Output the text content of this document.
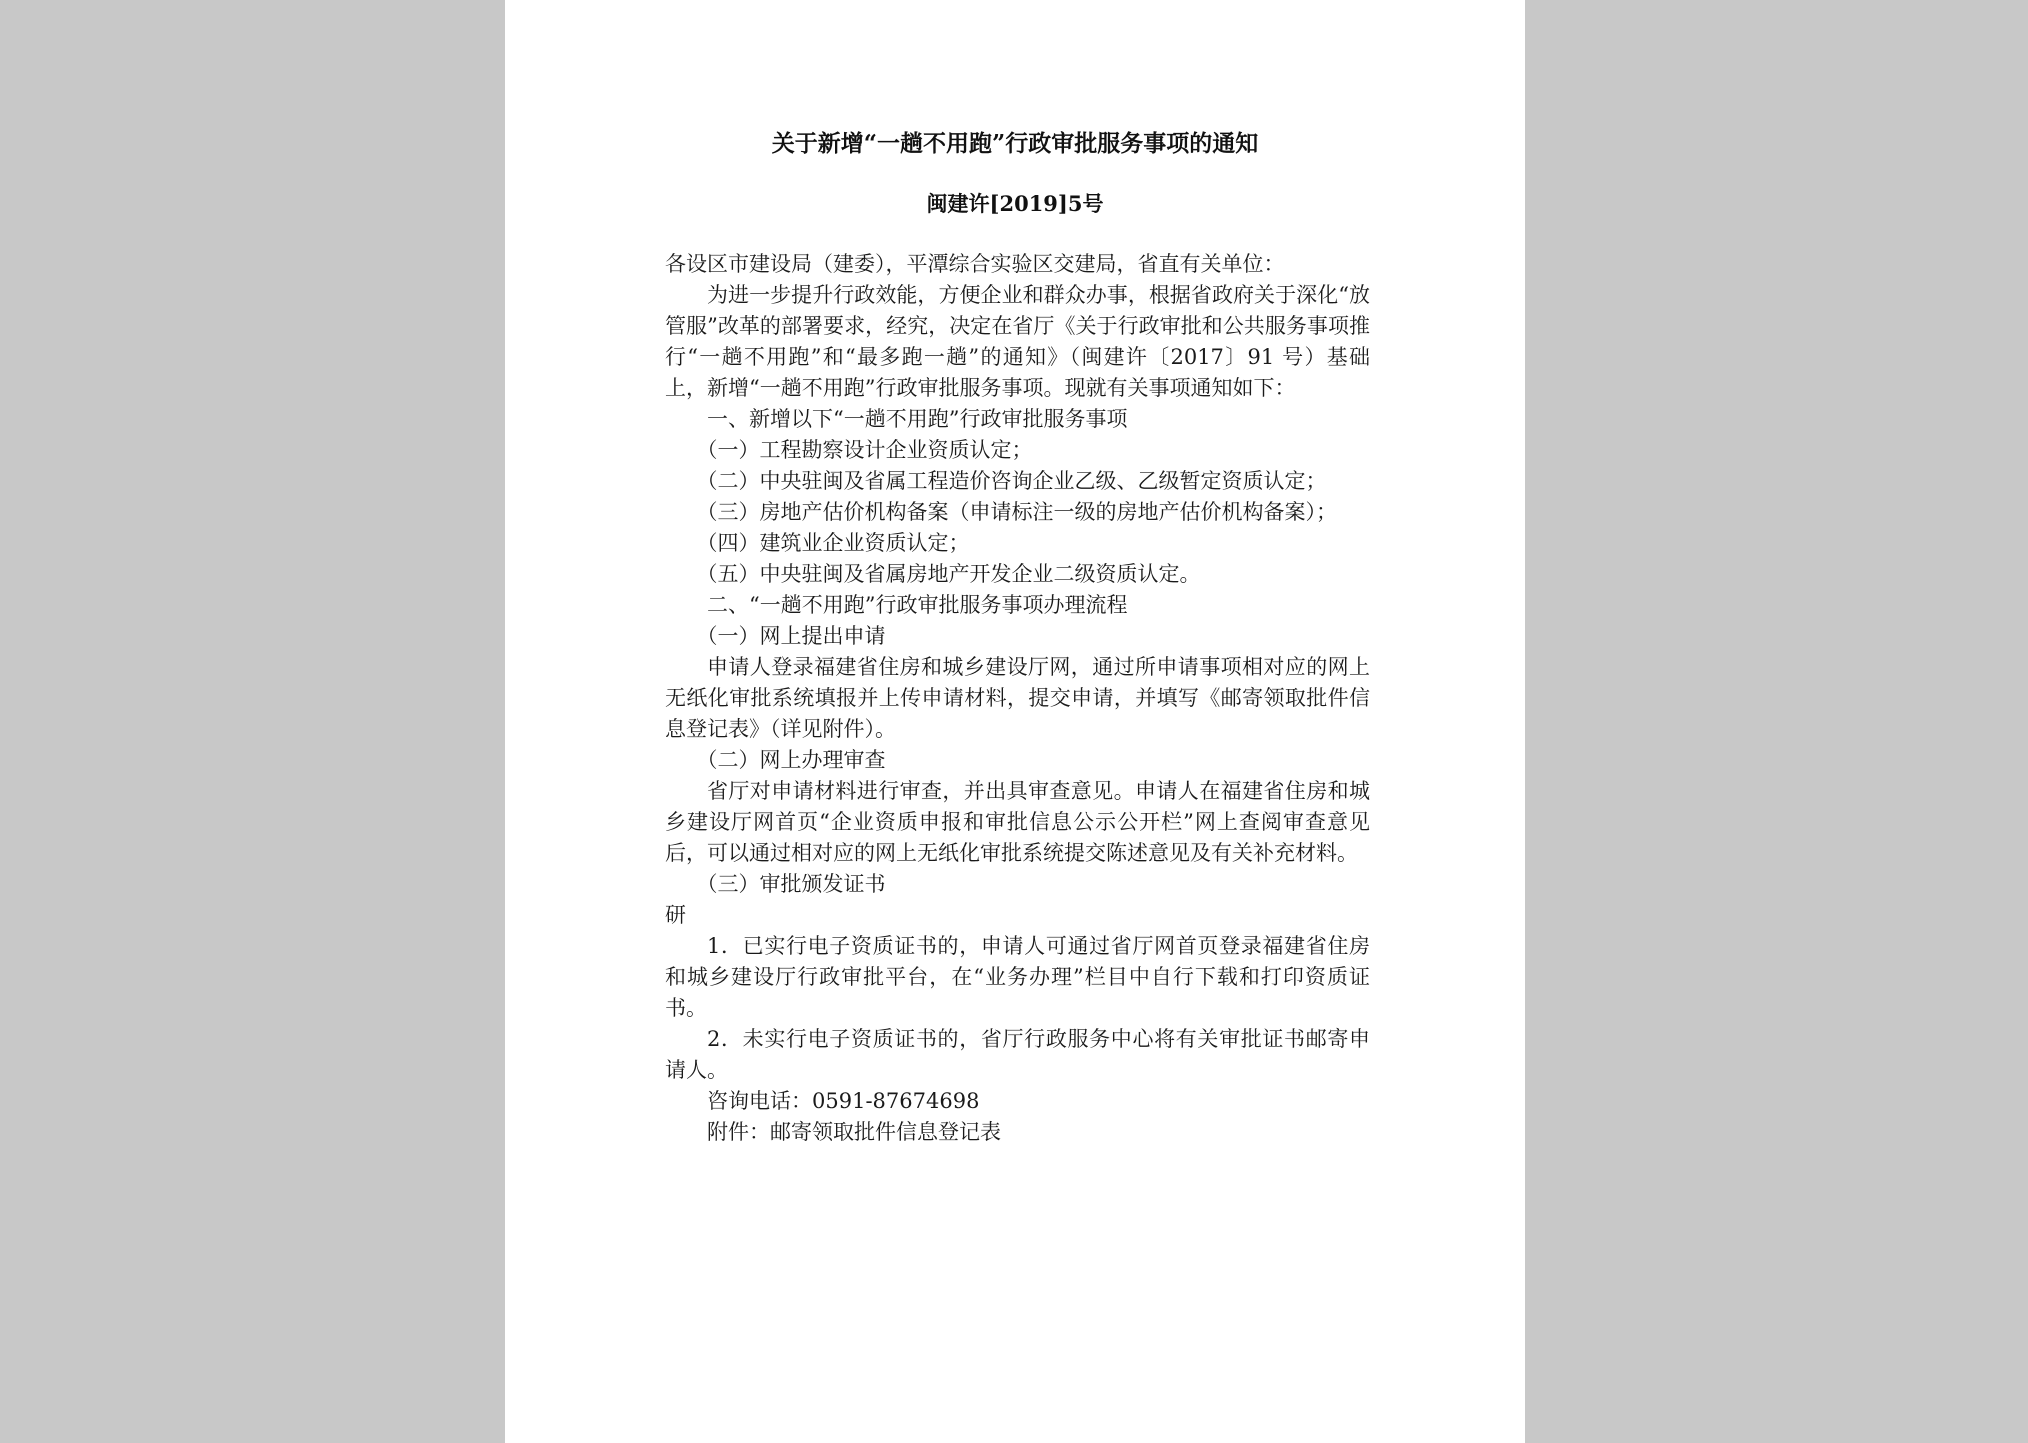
关于新增“一趟不用跑”行政审批服务事项的通知
闽建许[2019]5号

各设区市建设局（建委），平潭综合实验区交建局，省直有关单位：

为进一步提升行政效能，方便企业和群众办事，根据省政府关于深化“放管服”改革的部署要求，经究，决定在省厅《关于行政审批和公共服务事项推行“一趟不用跑”和“最多跑一趟”的通知》（闽建许〔2017〕91 号）基础上，新增“一趟不用跑”行政审批服务事项。现就有关事项通知如下：

一、新增以下“一趟不用跑”行政审批服务事项

（一）工程勘察设计企业资质认定；

（二）中央驻闽及省属工程造价咨询企业乙级、乙级暂定资质认定；

（三）房地产估价机构备案（申请标注一级的房地产估价机构备案）；

（四）建筑业企业资质认定；

（五）中央驻闽及省属房地产开发企业二级资质认定。

二、“一趟不用跑”行政审批服务事项办理流程

（一）网上提出申请

申请人登录福建省住房和城乡建设厅网，通过所申请事项相对应的网上无纸化审批系统填报并上传申请材料，提交申请，并填写《邮寄领取批件信息登记表》（详见附件）。

（二）网上办理审查

省厅对申请材料进行审查，并出具审查意见。申请人在福建省住房和城乡建设厅网首页“企业资质申报和审批信息公示公开栏”网上查阅审查意见后，可以通过相对应的网上无纸化审批系统提交陈述意见及有关补充材料。

（三）审批颁发证书

研

1．已实行电子资质证书的，申请人可通过省厅网首页登录福建省住房和城乡建设厅行政审批平台，在“业务办理”栏目中自行下载和打印资质证书。

2．未实行电子资质证书的，省厅行政服务中心将有关审批证书邮寄申请人。

咨询电话：0591-87674698

附件：邮寄领取批件信息登记表
